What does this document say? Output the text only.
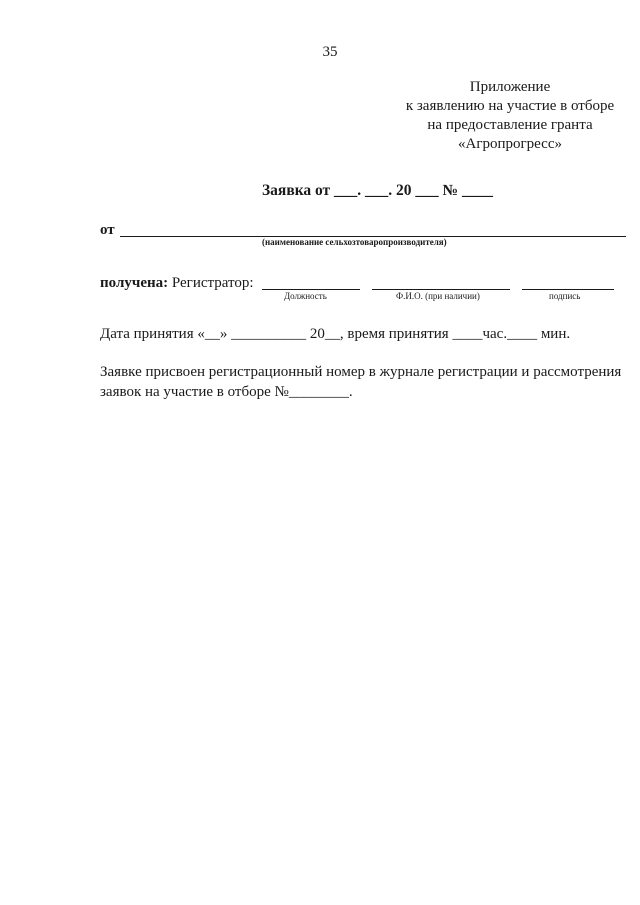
35
Приложение
к заявлению на участие в отборе
на предоставление гранта
«Агропрогресс»
Заявка от ___. ___. 20 ___ № ____
от
(наименование сельхозтоваропроизводителя)
получена: Регистратор:
Должность	Ф.И.О. (при наличии)	подпись
Дата принятия «__» __________ 20__, время принятия ____час.____ мин.
Заявке присвоен регистрационный номер в журнале регистрации и рассмотрения заявок на участие в отборе №________.
